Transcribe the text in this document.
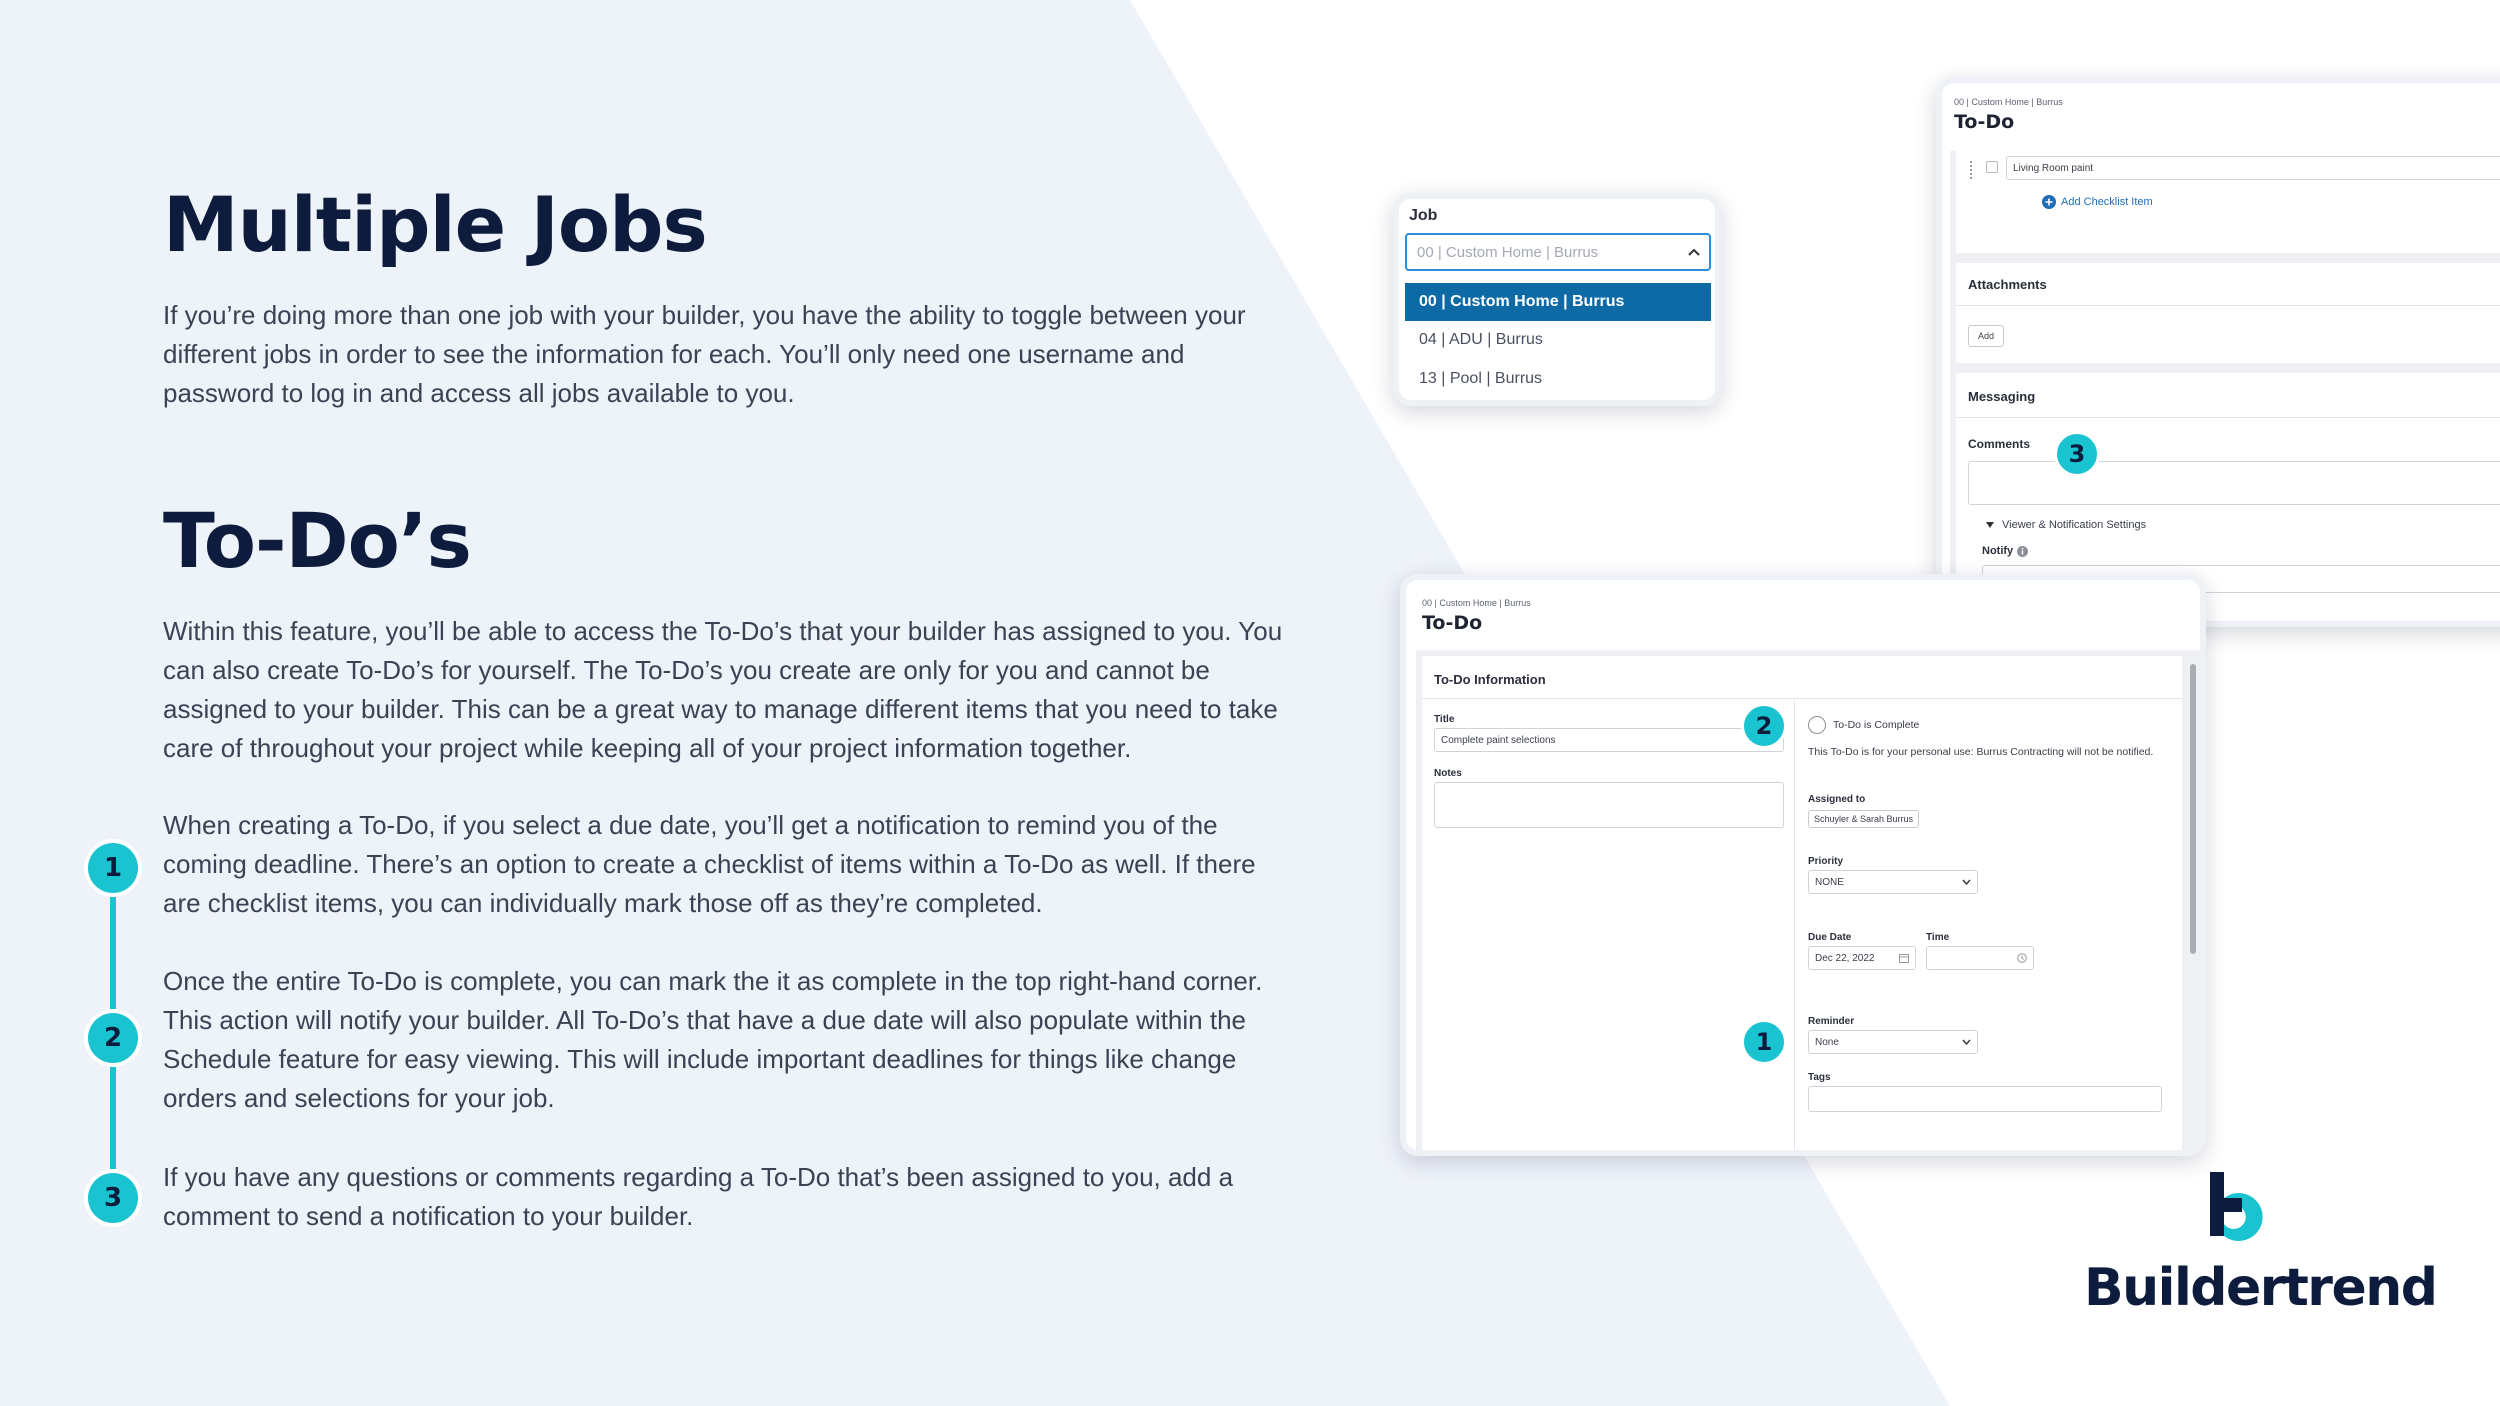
Multiple Jobs

If you’re doing more than one job with your builder, you have the ability to toggle between your different jobs in order to see the information for each. You’ll only need one username and password to log in and access all jobs available to you.

To-Do’s

Within this feature, you’ll be able to access the To-Do’s that your builder has assigned to you. You can also create To-Do’s for yourself. The To-Do’s you create are only for you and cannot be assigned to your builder. This can be a great way to manage different items that you need to take care of throughout your project while keeping all of your project information together.

When creating a To-Do, if you select a due date, you’ll get a notification to remind you of the coming deadline. There’s an option to create a checklist of items within a To-Do as well. If there are checklist items, you can individually mark those off as they’re completed.

Once the entire To-Do is complete, you can mark the it as complete in the top right-hand corner. This action will notify your builder. All To-Do’s that have a due date will also populate within the Schedule feature for easy viewing. This will include important deadlines for things like change orders and selections for your job.

If you have any questions or comments regarding a To-Do that’s been assigned to you, add a comment to send a notification to your builder.

1
2
3
Job
00 | Custom Home | Burrus
00 | Custom Home | Burrus
04 | ADU | Burrus
13 | Pool | Burrus
00 | Custom Home | Burrus
To-Do
Living Room paint
Add Checklist Item
Attachments
Add
Messaging
Comments
Viewer & Notification Settings
Notify
3
00 | Custom Home | Burrus
To-Do
To-Do Information
Title
Complete paint selections
Notes
To-Do is Complete
This To-Do is for your personal use: Burrus Contracting will not be notified.
Assigned to
Schuyler & Sarah Burrus
Priority
NONE
Due Date
Dec 22, 2022
Time
Reminder
None
Tags
2
1
Buildertrend
